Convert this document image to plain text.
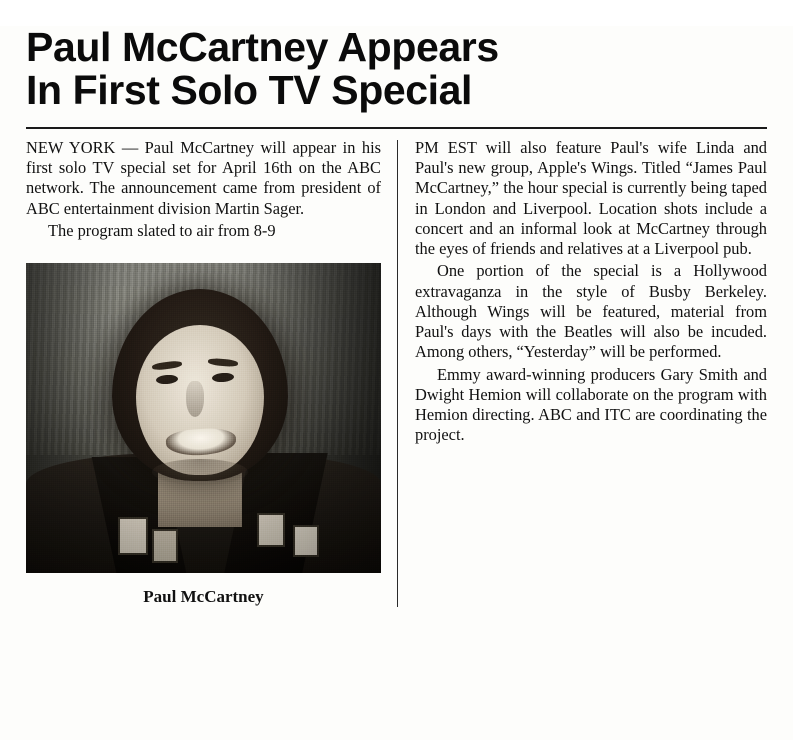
Paul McCartney Appears
In First Solo TV Special

NEW YORK — Paul McCartney will appear in his first solo TV special set for April 16th on the ABC network. The announcement came from president of ABC entertainment division Martin Sager.

The program slated to air from 8-9

Paul McCartney

PM EST will also feature Paul's wife Linda and Paul's new group, Apple's Wings. Titled “James Paul McCartney,” the hour special is currently being taped in London and Liverpool. Location shots include a concert and an informal look at McCartney through the eyes of friends and relatives at a Liverpool pub.

One portion of the special is a Hollywood extravaganza in the style of Busby Berkeley. Although Wings will be featured, material from Paul's days with the Beatles will also be incuded. Among others, “Yesterday” will be performed.

Emmy award-winning producers Gary Smith and Dwight Hemion will collaborate on the program with Hemion directing. ABC and ITC are coordinating the project.
